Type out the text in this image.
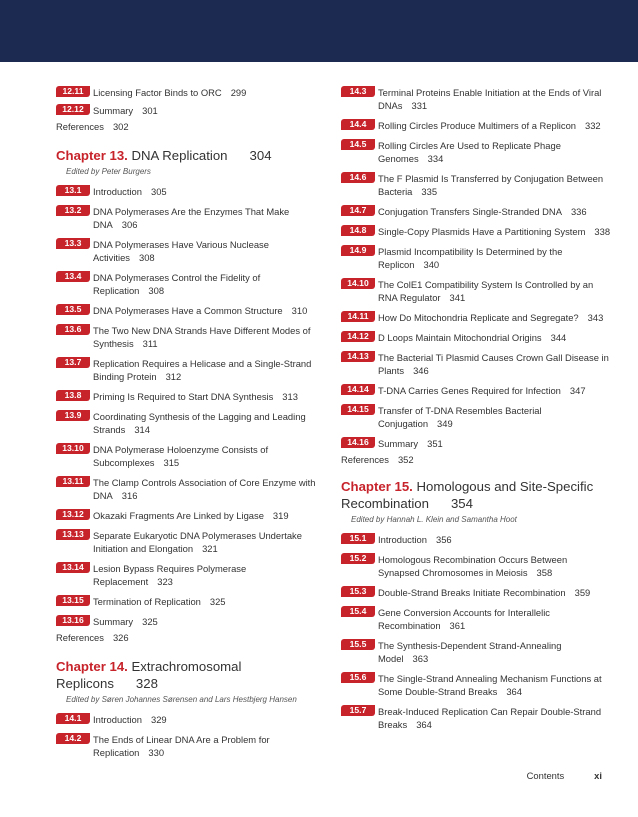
12.11	Licensing Factor Binds to ORC 299
12.12 Summary 301
References 302
Chapter 13. DNA Replication 304
Edited by Peter Burgers
13.1	Introduction 305
13.2	DNA Polymerases Are the Enzymes That Make DNA 306
13.3	DNA Polymerases Have Various Nuclease Activities 308
13.4	DNA Polymerases Control the Fidelity of Replication 308
13.5	DNA Polymerases Have a Common Structure 310
13.6	The Two New DNA Strands Have Different Modes of Synthesis 311
13.7	Replication Requires a Helicase and a Single-Strand Binding Protein 312
13.8	Priming Is Required to Start DNA Synthesis 313
13.9	Coordinating Synthesis of the Lagging and Leading Strands 314
13.10 DNA Polymerase Holoenzyme Consists of Subcomplexes 315
13.11	The Clamp Controls Association of Core Enzyme with DNA 316
13.12 Okazaki Fragments Are Linked by Ligase 319
13.13 Separate Eukaryotic DNA Polymerases Undertake Initiation and Elongation 321
13.14 Lesion Bypass Requires Polymerase Replacement 323
13.15 Termination of Replication 325
13.16 Summary 325
References 326
Chapter 14. Extrachromosomal Replicons 328
Edited by Søren Johannes Sørensen and Lars Hestbjerg Hansen
14.1	Introduction 329
14.2	The Ends of Linear DNA Are a Problem for Replication 330
14.3	Terminal Proteins Enable Initiation at the Ends of Viral DNAs 331
14.4	Rolling Circles Produce Multimers of a Replicon 332
14.5	Rolling Circles Are Used to Replicate Phage Genomes 334
14.6	The F Plasmid Is Transferred by Conjugation Between Bacteria 335
14.7	Conjugation Transfers Single-Stranded DNA 336
14.8	Single-Copy Plasmids Have a Partitioning System 338
14.9	Plasmid Incompatibility Is Determined by the Replicon 340
14.10 The ColE1 Compatibility System Is Controlled by an RNA Regulator 341
14.11	How Do Mitochondria Replicate and Segregate? 343
14.12 D Loops Maintain Mitochondrial Origins 344
14.13 The Bacterial Ti Plasmid Causes Crown Gall Disease in Plants 346
14.14 T-DNA Carries Genes Required for Infection 347
14.15 Transfer of T-DNA Resembles Bacterial Conjugation 349
14.16 Summary 351
References 352
Chapter 15. Homologous and Site-Specific Recombination 354
Edited by Hannah L. Klein and Samantha Hoot
15.1	Introduction 356
15.2	Homologous Recombination Occurs Between Synapsed Chromosomes in Meiosis 358
15.3	Double-Strand Breaks Initiate Recombination 359
15.4	Gene Conversion Accounts for Interallelic Recombination 361
15.5	The Synthesis-Dependent Strand-Annealing Model 363
15.6	The Single-Strand Annealing Mechanism Functions at Some Double-Strand Breaks 364
15.7	Break-Induced Replication Can Repair Double-Strand Breaks 364
Contents	xi
